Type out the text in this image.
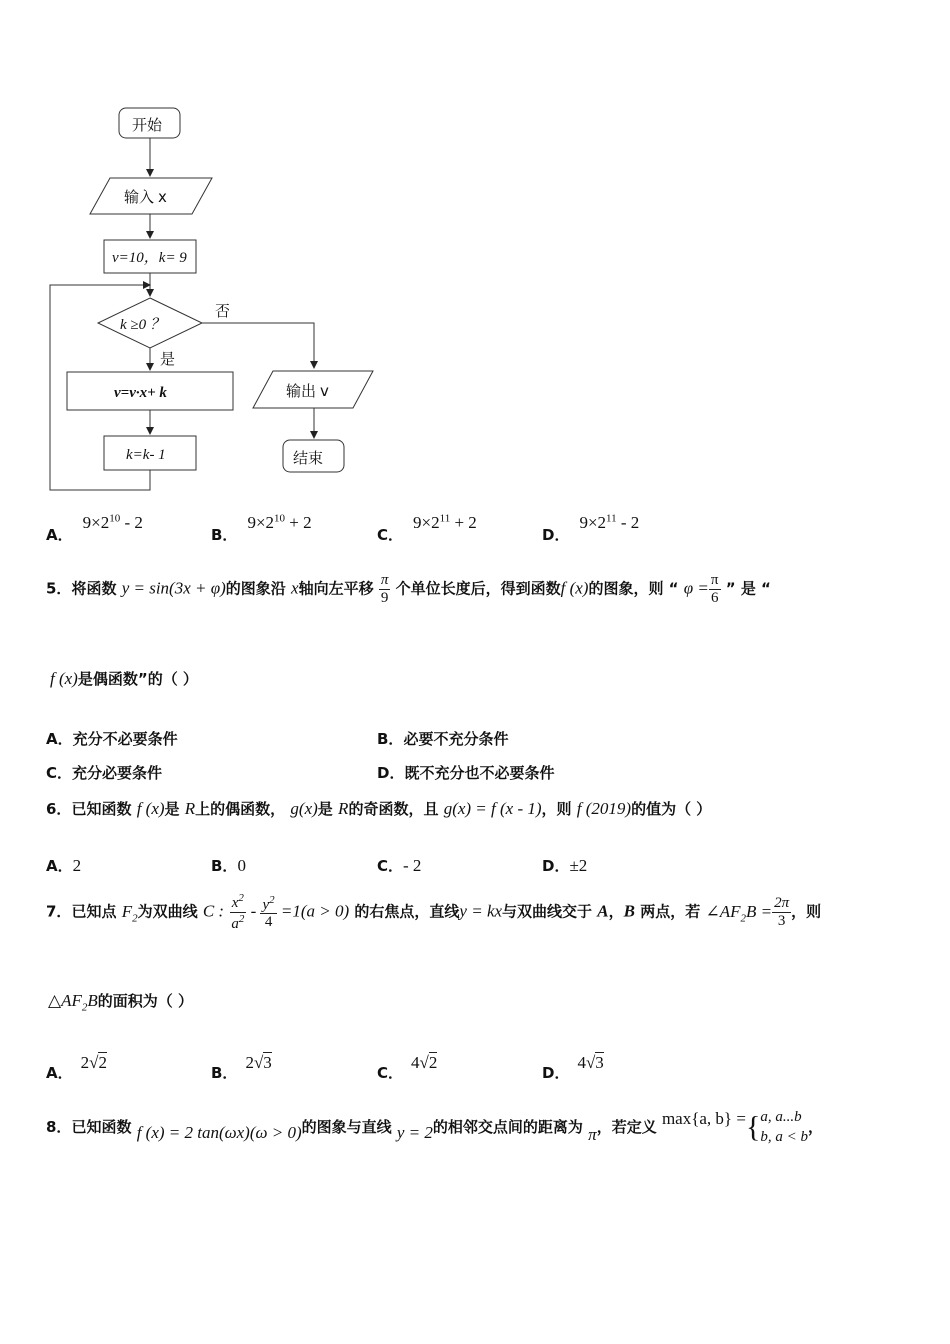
开始
输入 x
v=10，k= 9
k ≥0 ？
否
是
v=v·x+ k
k=k- 1
输出 v
结束
A．$9\times 2^{10} - 2$
B．$9\times 2^{10} + 2$
C．$9\times 2^{11} + 2$
D．$9\times 2^{11} - 2$
5．将函数 y = sin(3x + φ)的图象沿 x轴向左平移 $\frac{\pi}{9}$ 个单位长度后，得到函数f (x)的图象，则 “ $\varphi = \frac{\pi}{6}$ ” 是 “
f (x)是偶函数”的（ ）
A．充分不必要条件	B．必要不充分条件
C．充分必要条件	D．既不充分也不必要条件
6．已知函数 f (x)是 R上的偶函数， g(x)是 R的奇函数，且 g(x) = f (x - 1)，则 f (2019)的值为（ ）
A．2	B．0	C．- 2	D．±2
7．已知点 $F_2$为双曲线 C : $\frac{x^2}{a^2} - \frac{y^2}{4} =1(a > 0)$ 的右焦点，直线y = kx与双曲线交于 A，B 两点，若 $\angle AF_2B = \frac{2\pi}{3}$ ，则
$\triangle AF_2B$的面积为（ ）
A．2√2
B．2√3
C．4√2
D．4√3
8．已知函数 f (x) = 2 tan(ωx)(ω > 0)的图象与直线 y = 2的相邻交点间的距离为 π，若定义 max{a, b} ={ a, a...b
b, a < b
，
